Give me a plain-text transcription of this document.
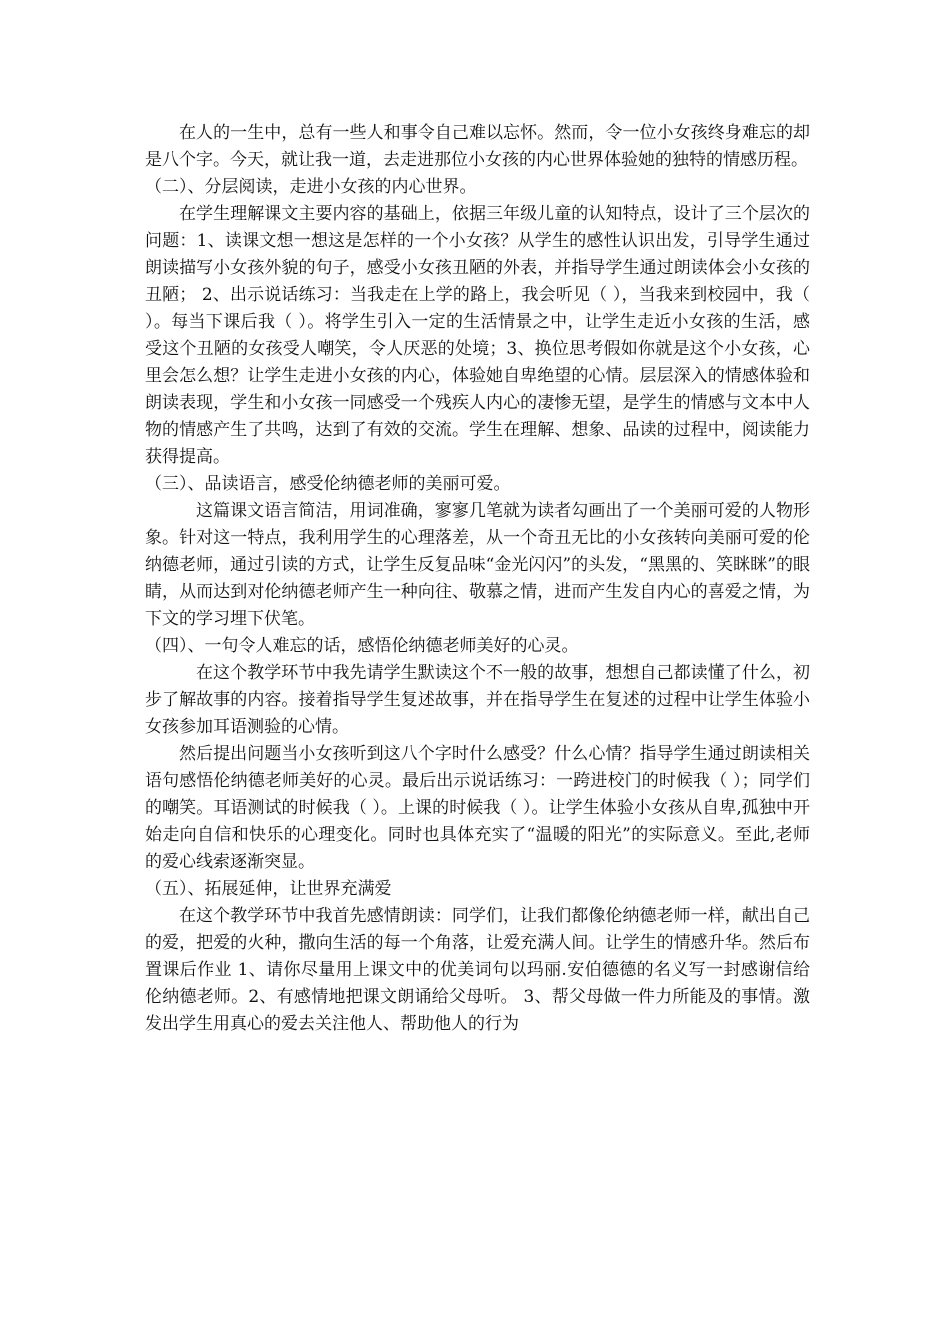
在人的一生中，总有一些人和事令自己难以忘怀。然而，令一位小女孩终身难忘的却是八个字。今天，就让我一道，去走进那位小女孩的内心世界体验她的独特的情感历程。

（二）、分层阅读，走进小女孩的内心世界。

在学生理解课文主要内容的基础上，依据三年级儿童的认知特点，设计了三个层次的问题：1、读课文想一想这是怎样的一个小女孩？从学生的感性认识出发，引导学生通过朗读描写小女孩外貌的句子，感受小女孩丑陋的外表，并指导学生通过朗读体会小女孩的丑陋； 2、出示说话练习：当我走在上学的路上，我会听见（ ），当我来到校园中，我（ ）。每当下课后我（ ）。将学生引入一定的生活情景之中，让学生走近小女孩的生活，感受这个丑陋的女孩受人嘲笑，令人厌恶的处境；3、换位思考假如你就是这个小女孩，心里会怎么想？让学生走进小女孩的内心，体验她自卑绝望的心情。层层深入的情感体验和朗读表现，学生和小女孩一同感受一个残疾人内心的凄惨无望，是学生的情感与文本中人物的情感产生了共鸣，达到了有效的交流。学生在理解、想象、品读的过程中，阅读能力获得提高。

（三）、品读语言，感受伦纳德老师的美丽可爱。

这篇课文语言简洁，用词准确，寥寥几笔就为读者勾画出了一个美丽可爱的人物形象。针对这一特点，我利用学生的心理落差，从一个奇丑无比的小女孩转向美丽可爱的伦纳德老师，通过引读的方式，让学生反复品味“金光闪闪”的头发，“黑黑的、笑眯眯”的眼睛，从而达到对伦纳德老师产生一种向往、敬慕之情，进而产生发自内心的喜爱之情，为下文的学习埋下伏笔。

（四）、一句令人难忘的话，感悟伦纳德老师美好的心灵。

在这个教学环节中我先请学生默读这个不一般的故事，想想自己都读懂了什么，初步了解故事的内容。接着指导学生复述故事，并在指导学生在复述的过程中让学生体验小女孩参加耳语测验的心情。

然后提出问题当小女孩听到这八个字时什么感受？什么心情？指导学生通过朗读相关语句感悟伦纳德老师美好的心灵。最后出示说话练习：一跨进校门的时候我（ ）；同学们的嘲笑。耳语测试的时候我（ ）。上课的时候我（ ）。让学生体验小女孩从自卑,孤独中开始走向自信和快乐的心理变化。同时也具体充实了“温暖的阳光”的实际意义。至此,老师的爱心线索逐渐突显。

（五）、拓展延伸，让世界充满爱

在这个教学环节中我首先感情朗读：同学们，让我们都像伦纳德老师一样，献出自己的爱，把爱的火种，撒向生活的每一个角落，让爱充满人间。让学生的情感升华。然后布置课后作业 1、请你尽量用上课文中的优美词句以玛丽.安伯德德的名义写一封感谢信给伦纳德老师。2、有感情地把课文朗诵给父母听。 3、帮父母做一件力所能及的事情。激发出学生用真心的爱去关注他人、帮助他人的行为
